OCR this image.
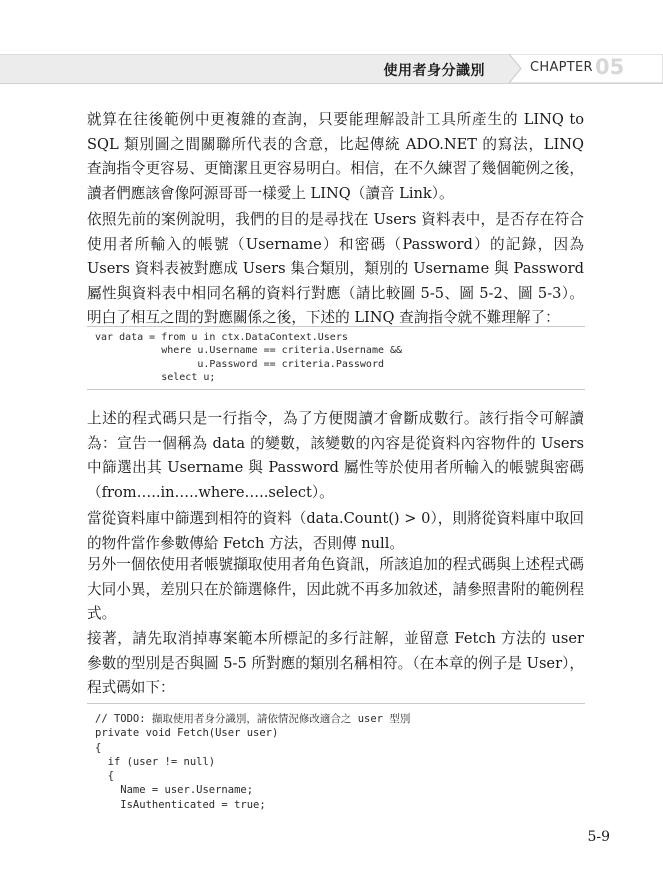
使用者身分識別	CHAPTER 05

就算在往後範例中更複雜的查詢，只要能理解設計工具所產生的 LINQ to SQL 類別圖之間關聯所代表的含意，比起傳統 ADO.NET 的寫法，LINQ 查詢指令更容易、更簡潔且更容易明白。相信，在不久練習了幾個範例之後，讀者們應該會像阿源哥哥一樣愛上 LINQ（讀音 Link）。

依照先前的案例說明，我們的目的是尋找在 Users 資料表中，是否存在符合使用者所輸入的帳號（Username）和密碼（Password）的記錄，因為 Users 資料表被對應成 Users 集合類別，類別的 Username 與 Password 屬性與資料表中相同名稱的資料行對應（請比較圖 5-5、圖 5-2、圖 5-3）。明白了相互之間的對應關係之後，下述的 LINQ 查詢指令就不難理解了：

var data = from u in ctx.DataContext.Users
where u.Username == criteria.Username &&
u.Password == criteria.Password
select u;

上述的程式碼只是一行指令，為了方便閱讀才會斷成數行。該行指令可解讀為：宣告一個稱為 data 的變數，該變數的內容是從資料內容物件的 Users 中篩選出其 Username 與 Password 屬性等於使用者所輸入的帳號與密碼（from…..in…..where…..select）。

當從資料庫中篩選到相符的資料（data.Count() > 0），則將從資料庫中取回的物件當作參數傳給 Fetch 方法，否則傳 null。

另外一個依使用者帳號擷取使用者角色資訊，所該追加的程式碼與上述程式碼大同小異，差別只在於篩選條件，因此就不再多加敘述，請參照書附的範例程式。

接著，請先取消掉專案範本所標記的多行註解，並留意 Fetch 方法的 user 參數的型別是否與圖 5-5 所對應的類別名稱相符。（在本章的例子是 User），程式碼如下：

// TODO: 擷取使用者身分識別，請依情況修改適合之 user 型別
private void Fetch(User user)
{
if (user != null)
{
Name = user.Username;
IsAuthenticated = true;
5-9
